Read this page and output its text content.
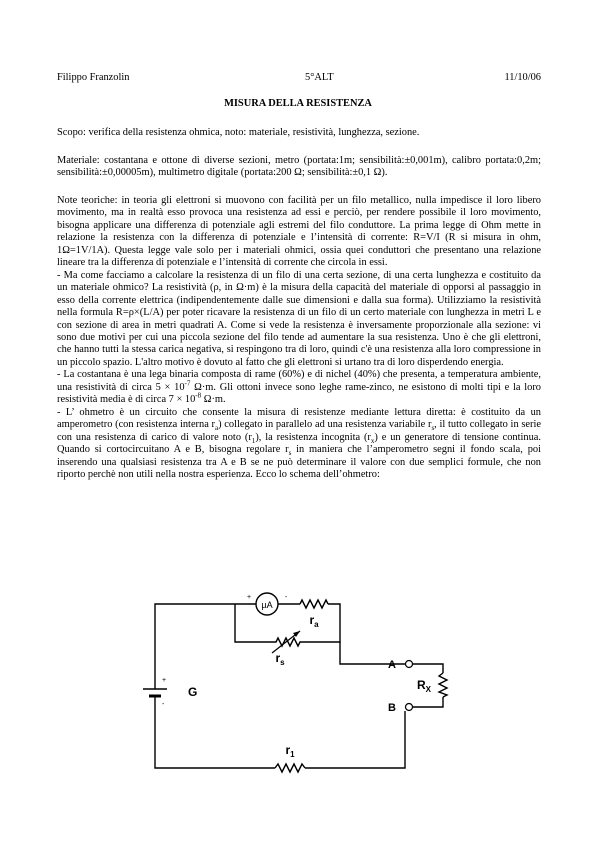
Filippo Franzolin	5°ALT	11/10/06
MISURA DELLA RESISTENZA

Scopo: verifica della resistenza ohmica, noto: materiale, resistività, lunghezza, sezione.

Materiale: costantana e ottone di diverse sezioni, metro (portata:1m; sensibilità:±0,001m), calibro portata:0,2m; sensibilità:±0,00005m), multimetro digitale (portata:200 Ω; sensibilità:±0,1 Ω).

Note teoriche: in teoria gli elettroni si muovono con facilità per un filo metallico, nulla impedisce il loro libero movimento, ma in realtà esso provoca una resistenza ad essi e perciò, per rendere possibile il loro movimento, bisogna applicare una differenza di potenziale agli estremi del filo conduttore. La prima legge di Ohm mette in relazione la resistenza con la differenza di potenziale e l’intensità di corrente: R=V/I (R si misura in ohm, 1Ω=1V/1A). Questa legge vale solo per i materiali ohmici, ossia quei conduttori che presentano una relazione lineare tra la differenza di potenziale e l’intensità di corrente che circola in essi.

- Ma come facciamo a calcolare la resistenza di un filo di una certa sezione, di una certa lunghezza e costituito da un materiale ohmico? La resistività (ρ, in Ω·m) è la misura della capacità del materiale di opporsi al passaggio in esso della corrente elettrica (indipendentemente dalle sue dimensioni e dalla sua forma). Utilizziamo la resistività nella formula R=ρ×(L/A) per poter ricavare la resistenza di un filo di un certo materiale con lunghezza in metri L e con sezione di area in metri quadrati A. Come si vede la resistenza è inversamente proporzionale alla sezione: vi sono due motivi per cui una piccola sezione del filo tende ad aumentare la sua resistenza. Uno è che gli elettroni, che hanno tutti la stessa carica negativa, si respingono tra di loro, quindi c'è una resistenza alla loro compressione in un piccolo spazio. L'altro motivo è dovuto al fatto che gli elettroni si urtano tra di loro disperdendo energia.

- La costantana è una lega binaria composta di rame (60%) e di nichel (40%) che presenta, a temperatura ambiente, una resistività di circa $5 \times 10^{-7}$ Ω·m. Gli ottoni invece sono leghe rame-zinco, ne esistono di molti tipi e la loro resistività media è di circa $7 \times 10^{-8}$ Ω·m.

- L’ ohmetro è un circuito che consente la misura di resistenze mediante lettura diretta: è costituito da un amperometro (con resistenza interna $r_a$) collegato in parallelo ad una resistenza variabile $r_s$, il tutto collegato in serie con una resistenza di carico di valore noto $(r_1)$, la resistenza incognita $(r_x)$ e un generatore di tensione continua. Quando si cortocircuitano A e B, bisogna regolare $r_s$ in maniera che l’amperometro segni il fondo scala, poi inserendo una qualsiasi resistenza tra A e B se ne può determinare il valore con due semplici formule, che non riporto perchè non utili nella nostra esperienza. Ecco lo schema dell’ohmetro:

µA
+	-
$r_a$
$r_s$
+
-
G
A
B
$R_X$
$r_1$
